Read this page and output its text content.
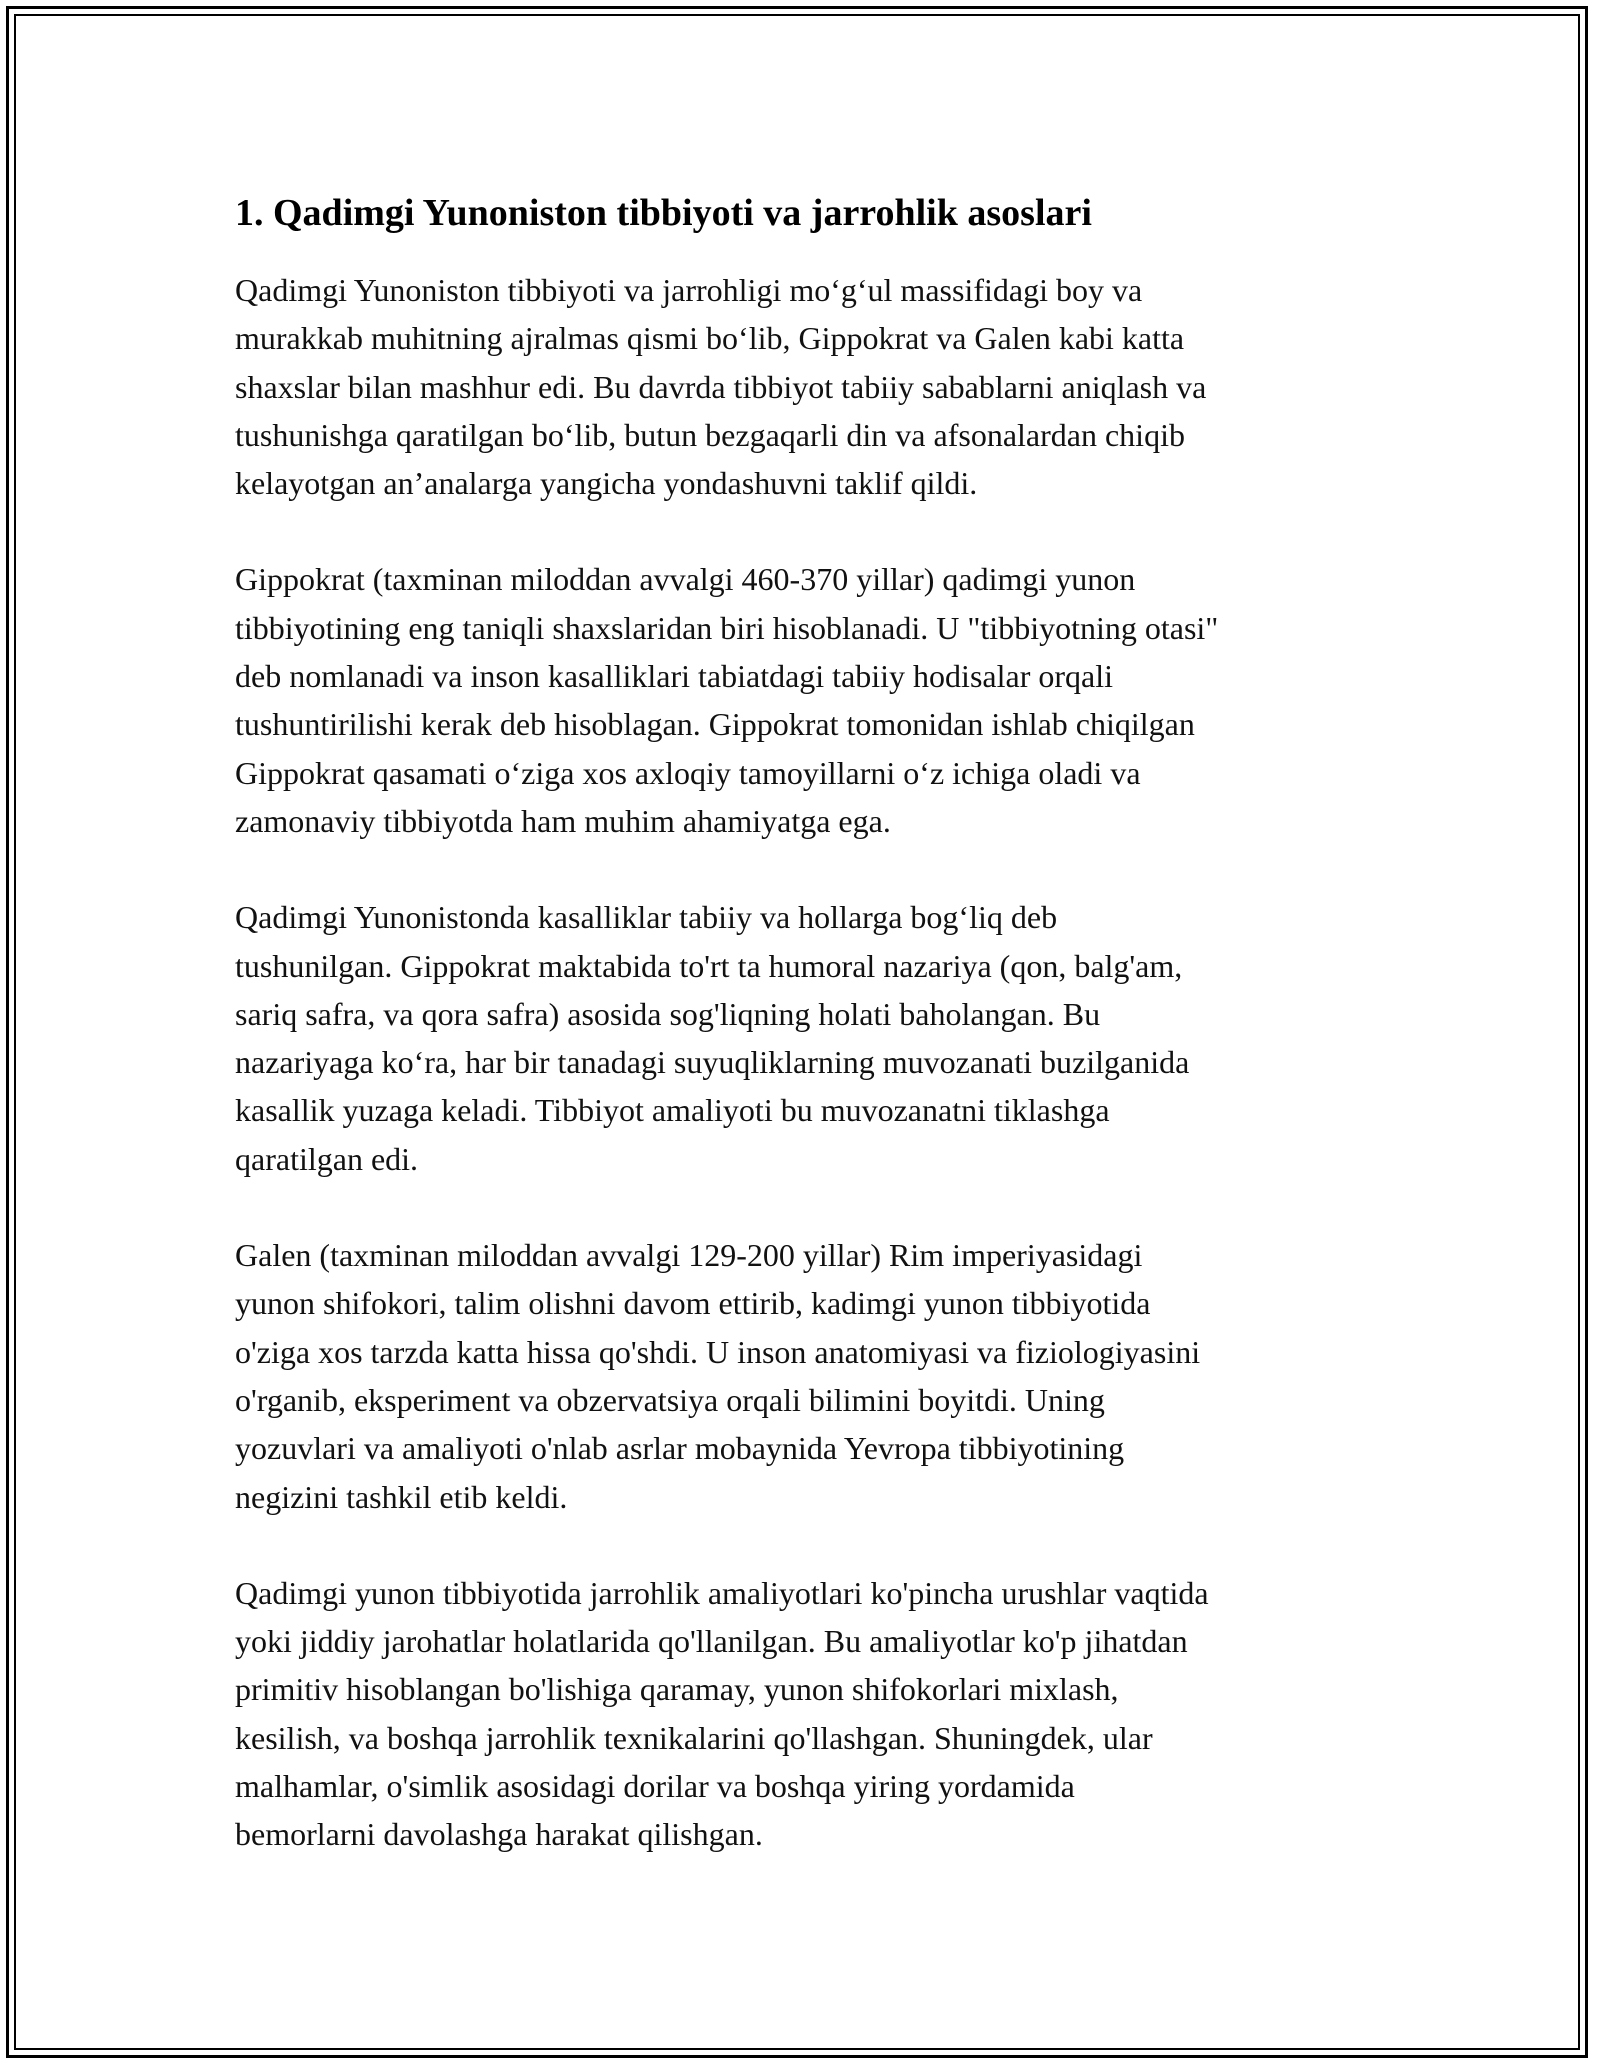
1. Qadimgi Yunoniston tibbiyoti va jarrohlik asoslari

Qadimgi Yunoniston tibbiyoti va jarrohligi mo‘g‘ul massifidagi boy va
murakkab muhitning ajralmas qismi bo‘lib, Gippokrat va Galen kabi katta
shaxslar bilan mashhur edi. Bu davrda tibbiyot tabiiy sabablarni aniqlash va
tushunishga qaratilgan bo‘lib, butun bezgaqarli din va afsonalardan chiqib
kelayotgan an’analarga yangicha yondashuvni taklif qildi.

Gippokrat (taxminan miloddan avvalgi 460-370 yillar) qadimgi yunon
tibbiyotining eng taniqli shaxslaridan biri hisoblanadi. U "tibbiyotning otasi"
deb nomlanadi va inson kasalliklari tabiatdagi tabiiy hodisalar orqali
tushuntirilishi kerak deb hisoblagan. Gippokrat tomonidan ishlab chiqilgan
Gippokrat qasamati o‘ziga xos axloqiy tamoyillarni o‘z ichiga oladi va
zamonaviy tibbiyotda ham muhim ahamiyatga ega.

Qadimgi Yunonistonda kasalliklar tabiiy va hollarga bog‘liq deb
tushunilgan. Gippokrat maktabida to'rt ta humoral nazariya (qon, balg'am,
sariq safra, va qora safra) asosida sog'liqning holati baholangan. Bu
nazariyaga ko‘ra, har bir tanadagi suyuqliklarning muvozanati buzilganida
kasallik yuzaga keladi. Tibbiyot amaliyoti bu muvozanatni tiklashga
qaratilgan edi.

Galen (taxminan miloddan avvalgi 129-200 yillar) Rim imperiyasidagi
yunon shifokori, talim olishni davom ettirib, kadimgi yunon tibbiyotida
o'ziga xos tarzda katta hissa qo'shdi. U inson anatomiyasi va fiziologiyasini
o'rganib, eksperiment va obzervatsiya orqali bilimini boyitdi. Uning
yozuvlari va amaliyoti o'nlab asrlar mobaynida Yevropa tibbiyotining
negizini tashkil etib keldi.

Qadimgi yunon tibbiyotida jarrohlik amaliyotlari ko'pincha urushlar vaqtida
yoki jiddiy jarohatlar holatlarida qo'llanilgan. Bu amaliyotlar ko'p jihatdan
primitiv hisoblangan bo'lishiga qaramay, yunon shifokorlari mixlash,
kesilish, va boshqa jarrohlik texnikalarini qo'llashgan. Shuningdek, ular
malhamlar, o'simlik asosidagi dorilar va boshqa yiring yordamida
bemorlarni davolashga harakat qilishgan.
